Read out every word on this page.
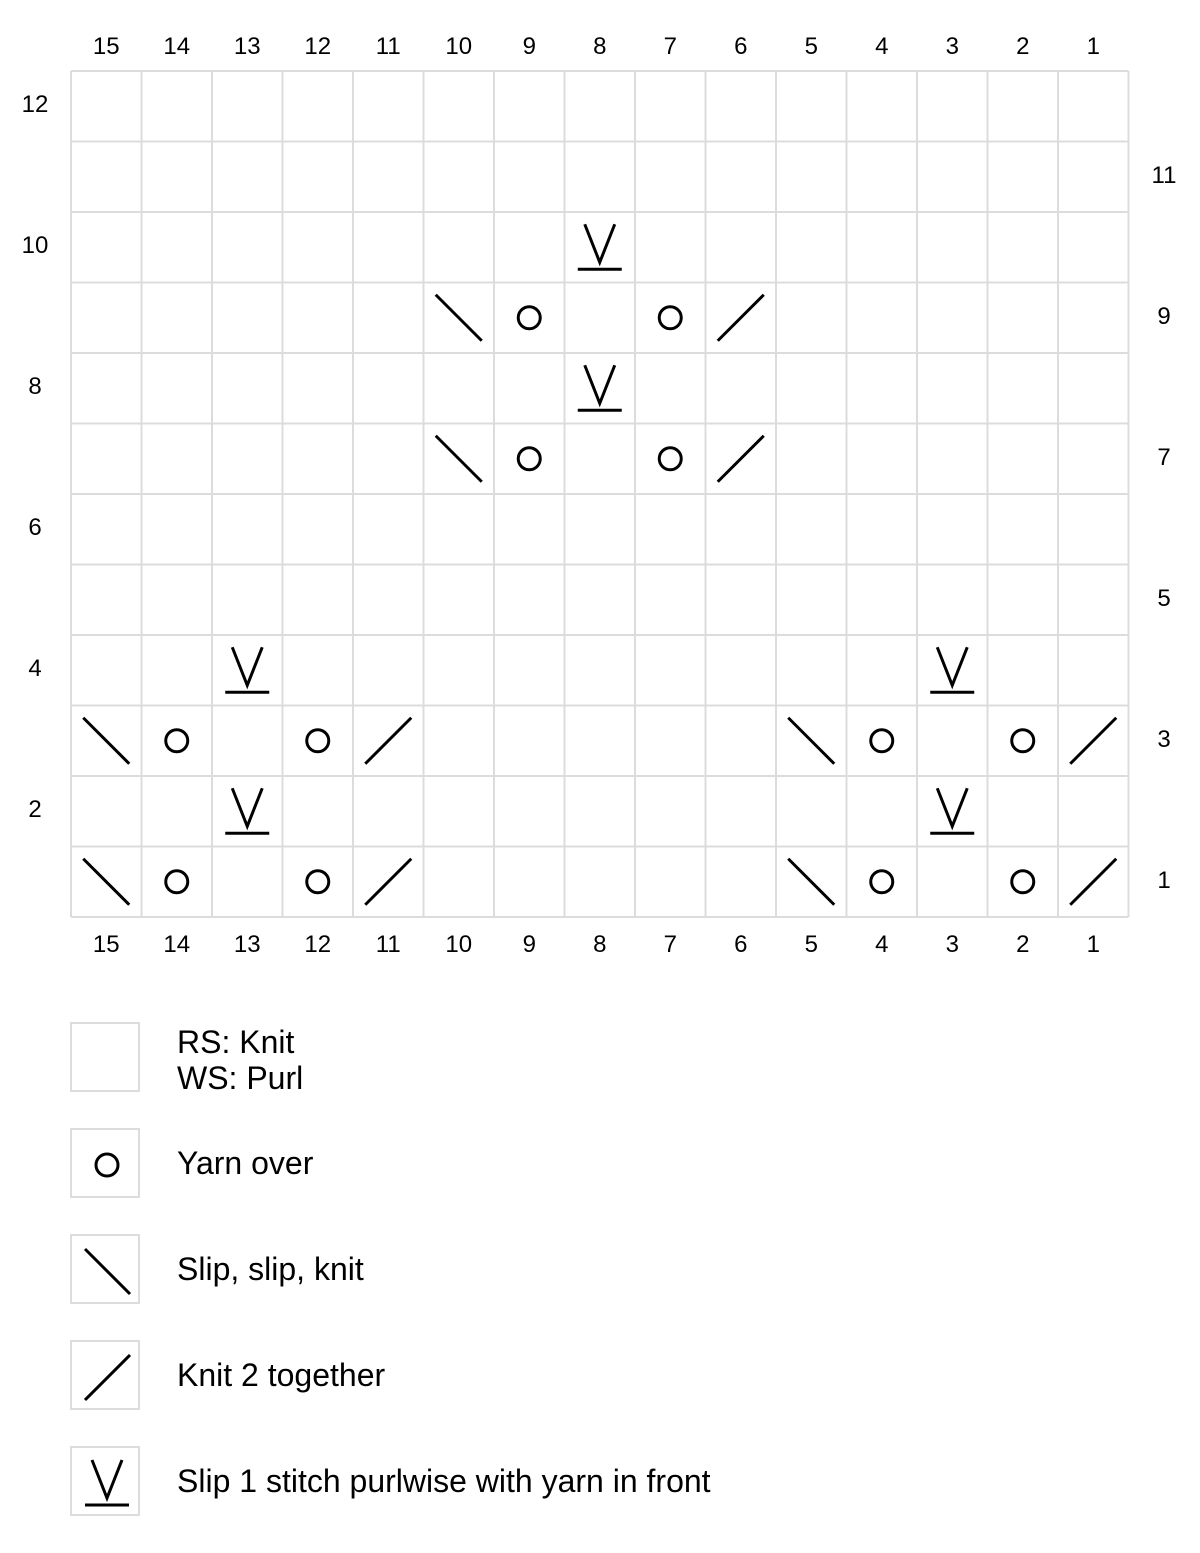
15
15
14
14
13
13
12
12
11
11
10
10
9
9
8
8
7
7
6
6
5
5
4
4
3
3
2
2
1
1
12
10
8
6
4
2
11
9
7
5
3
1
RS: Knit
WS: Purl
Yarn over
Slip, slip, knit
Knit 2 together
Slip 1 stitch purlwise with yarn in front
